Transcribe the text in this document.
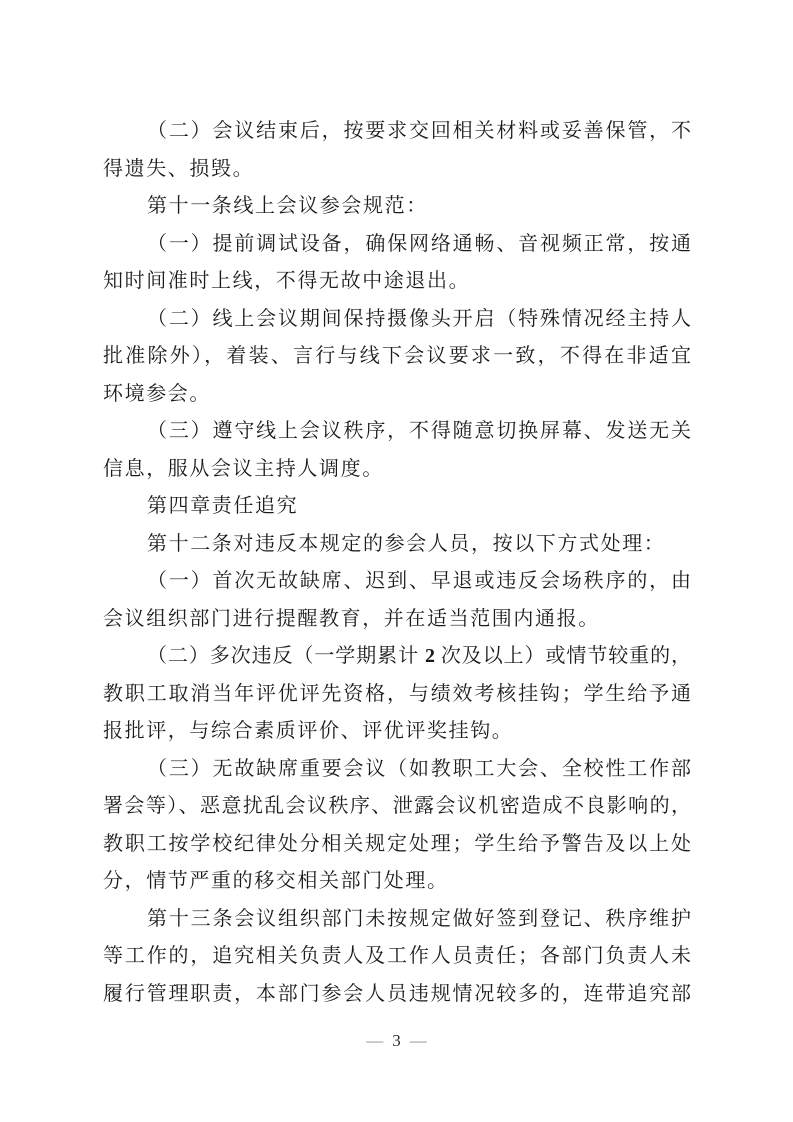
（二）会议结束后，按要求交回相关材料或妥善保管，不
得遗失、损毁。
第十一条线上会议参会规范：
（一）提前调试设备，确保网络通畅、音视频正常，按通
知时间准时上线，不得无故中途退出。
（二）线上会议期间保持摄像头开启（特殊情况经主持人
批准除外），着装、言行与线下会议要求一致，不得在非适宜
环境参会。
（三）遵守线上会议秩序，不得随意切换屏幕、发送无关
信息，服从会议主持人调度。
第四章责任追究
第十二条对违反本规定的参会人员，按以下方式处理：
（一）首次无故缺席、迟到、早退或违反会场秩序的，由
会议组织部门进行提醒教育，并在适当范围内通报。
（二）多次违反（一学期累计 2 次及以上）或情节较重的，
教职工取消当年评优评先资格，与绩效考核挂钩；学生给予通
报批评，与综合素质评价、评优评奖挂钩。
（三）无故缺席重要会议（如教职工大会、全校性工作部
署会等）、恶意扰乱会议秩序、泄露会议机密造成不良影响的，
教职工按学校纪律处分相关规定处理；学生给予警告及以上处
分，情节严重的移交相关部门处理。
第十三条会议组织部门未按规定做好签到登记、秩序维护
等工作的，追究相关负责人及工作人员责任；各部门负责人未
履行管理职责，本部门参会人员违规情况较多的，连带追究部
— 3 —
